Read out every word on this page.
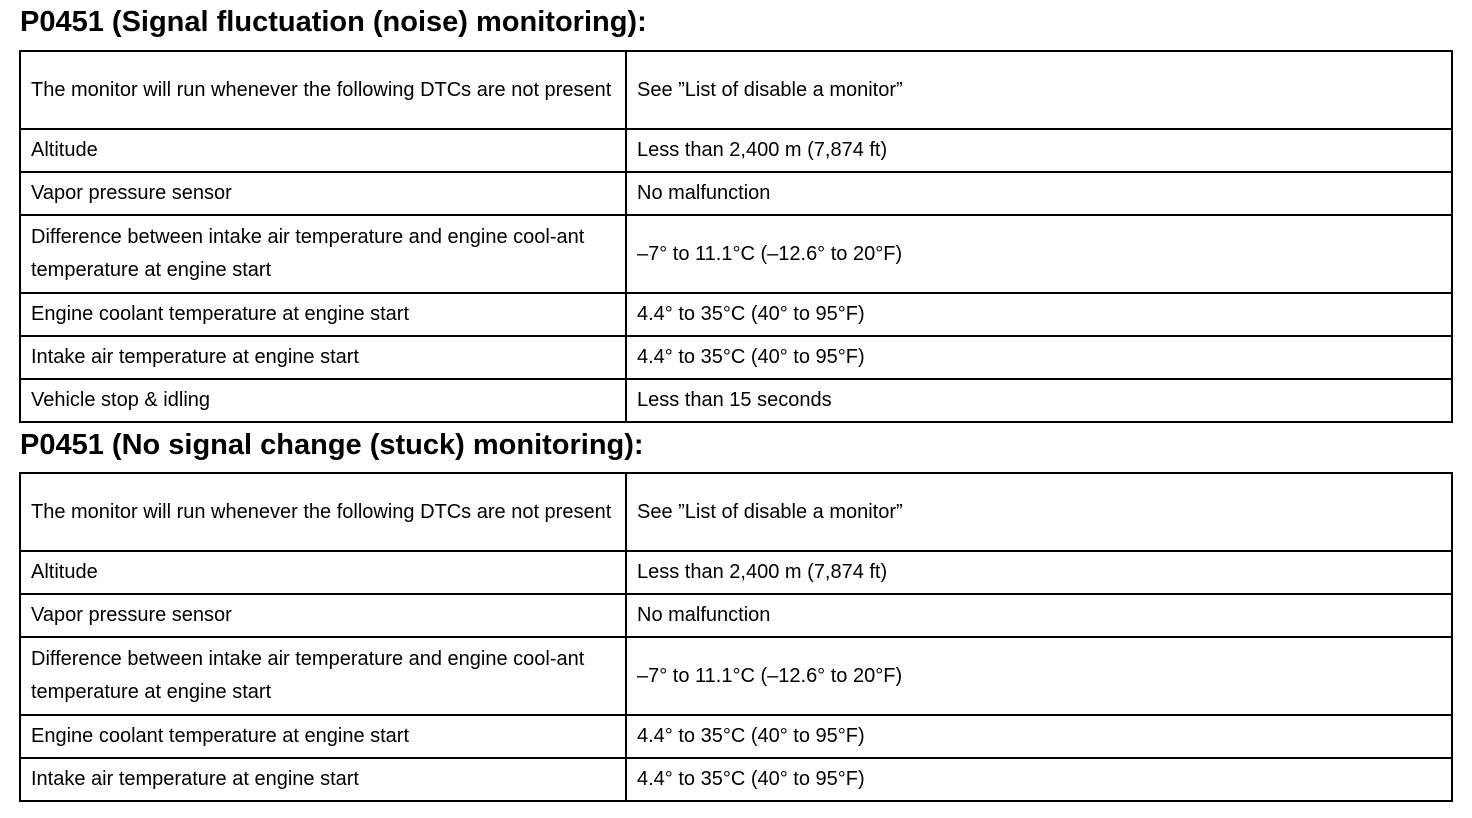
P0451 (Signal fluctuation (noise) monitoring):
The monitor will run whenever the following DTCs are not present	See ”List of disable a monitor”
Altitude	Less than 2,400 m (7,874 ft)
Vapor pressure sensor	No malfunction
Difference between intake air temperature and engine cool-ant temperature at engine start	–7° to 11.1°C (–12.6° to 20°F)
Engine coolant temperature at engine start	4.4° to 35°C (40° to 95°F)
Intake air temperature at engine start	4.4° to 35°C (40° to 95°F)
Vehicle stop & idling	Less than 15 seconds
P0451 (No signal change (stuck) monitoring):
The monitor will run whenever the following DTCs are not present	See ”List of disable a monitor”
Altitude	Less than 2,400 m (7,874 ft)
Vapor pressure sensor	No malfunction
Difference between intake air temperature and engine cool-ant temperature at engine start	–7° to 11.1°C (–12.6° to 20°F)
Engine coolant temperature at engine start	4.4° to 35°C (40° to 95°F)
Intake air temperature at engine start	4.4° to 35°C (40° to 95°F)
